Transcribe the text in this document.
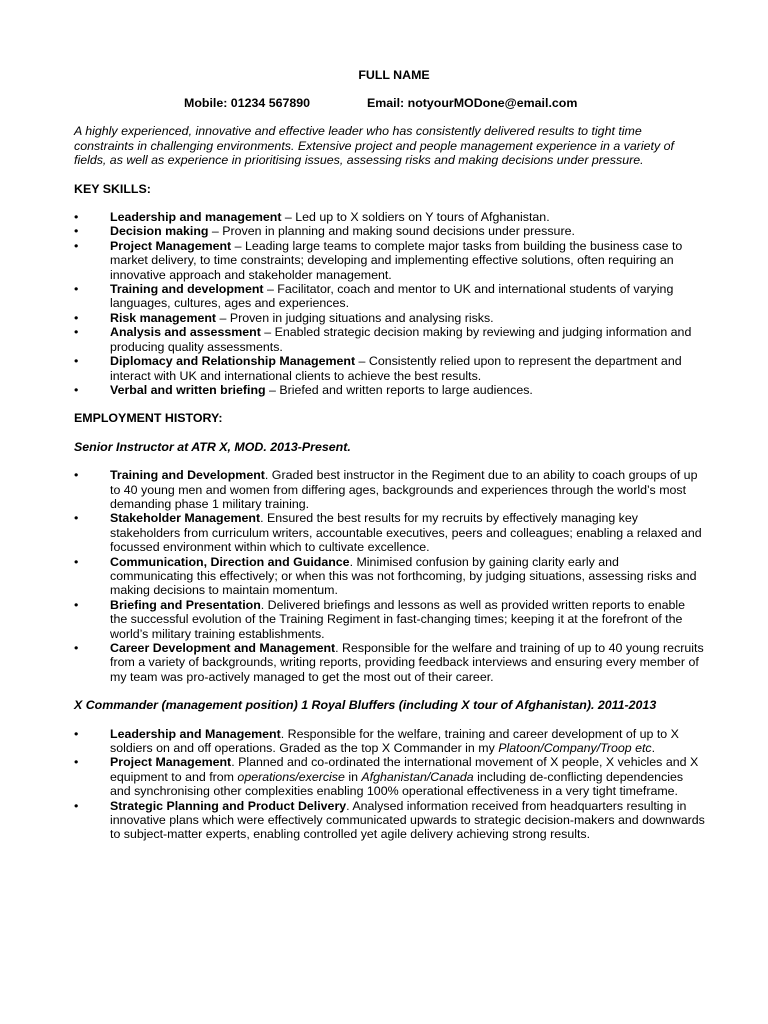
FULL NAME
Mobile: 01234 567890	Email: notyourMODone@email.com

A highly experienced, innovative and effective leader who has consistently delivered results to tight time constraints in challenging environments. Extensive project and people management experience in a variety of fields, as well as experience in prioritising issues, assessing risks and making decisions under pressure.

KEY SKILLS:
•	Leadership and management – Led up to X soldiers on Y tours of Afghanistan.
•	Decision making – Proven in planning and making sound decisions under pressure.
•	Project Management – Leading large teams to complete major tasks from building the business case to market delivery, to time constraints; developing and implementing effective solutions, often requiring an innovative approach and stakeholder management.
•	Training and development – Facilitator, coach and mentor to UK and international students of varying languages, cultures, ages and experiences.
•	Risk management – Proven in judging situations and analysing risks.
•	Analysis and assessment – Enabled strategic decision making by reviewing and judging information and producing quality assessments.
•	Diplomacy and Relationship Management – Consistently relied upon to represent the department and interact with UK and international clients to achieve the best results.
•	Verbal and written briefing – Briefed and written reports to large audiences.
EMPLOYMENT HISTORY:
Senior Instructor at ATR X, MOD. 2013-Present.
•	Training and Development. Graded best instructor in the Regiment due to an ability to coach groups of up to 40 young men and women from differing ages, backgrounds and experiences through the world’s most demanding phase 1 military training.
•	Stakeholder Management. Ensured the best results for my recruits by effectively managing key stakeholders from curriculum writers, accountable executives, peers and colleagues; enabling a relaxed and focussed environment within which to cultivate excellence.
•	Communication, Direction and Guidance. Minimised confusion by gaining clarity early and communicating this effectively; or when this was not forthcoming, by judging situations, assessing risks and making decisions to maintain momentum.
•	Briefing and Presentation. Delivered briefings and lessons as well as provided written reports to enable the successful evolution of the Training Regiment in fast-changing times; keeping it at the forefront of the world’s military training establishments.
•	Career Development and Management. Responsible for the welfare and training of up to 40 young recruits from a variety of backgrounds, writing reports, providing feedback interviews and ensuring every member of my team was pro-actively managed to get the most out of their career.
X Commander (management position) 1 Royal Bluffers (including X tour of Afghanistan). 2011-2013
•	Leadership and Management. Responsible for the welfare, training and career development of up to X soldiers on and off operations. Graded as the top X Commander in my Platoon/Company/Troop etc.
•	Project Management. Planned and co-ordinated the international movement of X people, X vehicles and X equipment to and from operations/exercise in Afghanistan/Canada including de-conflicting dependencies and synchronising other complexities enabling 100% operational effectiveness in a very tight timeframe.
•	Strategic Planning and Product Delivery. Analysed information received from headquarters resulting in innovative plans which were effectively communicated upwards to strategic decision-makers and downwards to subject-matter experts, enabling controlled yet agile delivery achieving strong results.
